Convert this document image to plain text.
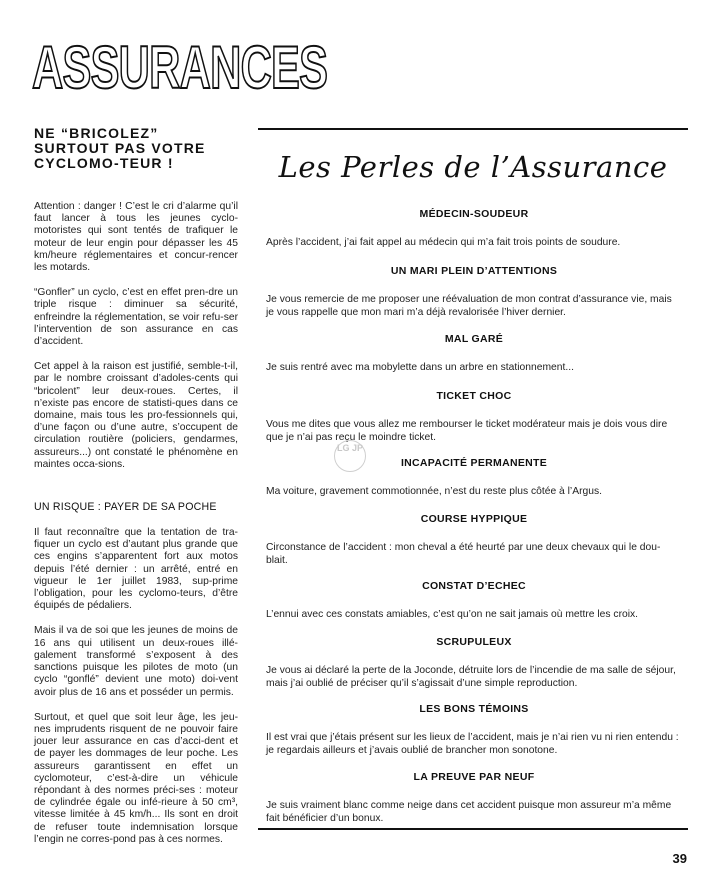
ASSURANCES
NE “BRICOLEZ” SURTOUT PAS VOTRE CYCLOMO-TEUR !

Attention : danger ! C’est le cri d’alarme qu’il faut lancer à tous les jeunes cyclo-motoristes qui sont tentés de trafiquer le moteur de leur engin pour dépasser les 45 km/heure réglementaires et concur-rencer les motards.

“Gonfler” un cyclo, c’est en effet pren-dre un triple risque : diminuer sa sécurité, enfreindre la réglementation, se voir refu-ser l’intervention de son assurance en cas d’accident.

Cet appel à la raison est justifié, semble-t-il, par le nombre croissant d’adoles-cents qui “bricolent” leur deux-roues. Certes, il n’existe pas encore de statisti-ques dans ce domaine, mais tous les pro-fessionnels qui, d’une façon ou d’une autre, s’occupent de circulation routière (policiers, gendarmes, assureurs...) ont constaté le phénomène en maintes occa-sions.

UN RISQUE : PAYER DE SA POCHE

Il faut reconnaître que la tentation de tra-fiquer un cyclo est d’autant plus grande que ces engins s’apparentent fort aux motos depuis l’été dernier : un arrêté, entré en vigueur le 1er juillet 1983, sup-prime l’obligation, pour les cyclomo-teurs, d’être équipés de pédaliers.

Mais il va de soi que les jeunes de moins de 16 ans qui utilisent un deux-roues illé-galement transformé s’exposent à des sanctions puisque les pilotes de moto (un cyclo “gonflé” devient une moto) doi-vent avoir plus de 16 ans et posséder un permis.

Surtout, et quel que soit leur âge, les jeu-nes imprudents risquent de ne pouvoir faire jouer leur assurance en cas d’acci-dent et de payer les dommages de leur poche. Les assureurs garantissent en effet un cyclomoteur, c’est-à-dire un véhicule répondant à des normes préci-ses : moteur de cylindrée égale ou infé-rieure à 50 cm³, vitesse limitée à 45 km/h... Ils sont en droit de refuser toute indemnisation lorsque l’engin ne corres-pond pas à ces normes.

Les Perles de l’Assurance
MÉDECIN-SOUDEUR

Après l’accident, j’ai fait appel au médecin qui m’a fait trois points de soudure.

UN MARI PLEIN D’ATTENTIONS

Je vous remercie de me proposer une réévaluation de mon contrat d’assurance vie, mais je vous rappelle que mon mari m’a déjà revalorisée l’hiver dernier.

MAL GARÉ

Je suis rentré avec ma mobylette dans un arbre en stationnement...

TICKET CHOC

Vous me dites que vous allez me rembourser le ticket modérateur mais je dois vous dire que je n’ai pas reçu le moindre ticket.

INCAPACITÉ PERMANENTE

Ma voiture, gravement commotionnée, n’est du reste plus côtée à l’Argus.

COURSE HYPPIQUE

Circonstance de l’accident : mon cheval a été heurté par une deux chevaux qui le dou-blait.

CONSTAT D’ECHEC

L’ennui avec ces constats amiables, c’est qu’on ne sait jamais où mettre les croix.

SCRUPULEUX

Je vous ai déclaré la perte de la Joconde, détruite lors de l’incendie de ma salle de séjour, mais j’ai oublié de préciser qu’il s’agissait d’une simple reproduction.

LES BONS TÉMOINS

Il est vrai que j’étais présent sur les lieux de l’accident, mais je n’ai rien vu ni rien entendu : je regardais ailleurs et j’avais oublié de brancher mon sonotone.

LA PREUVE PAR NEUF

Je suis vraiment blanc comme neige dans cet accident puisque mon assureur m’a même fait bénéficier d’un bonux.

LG JP
39
